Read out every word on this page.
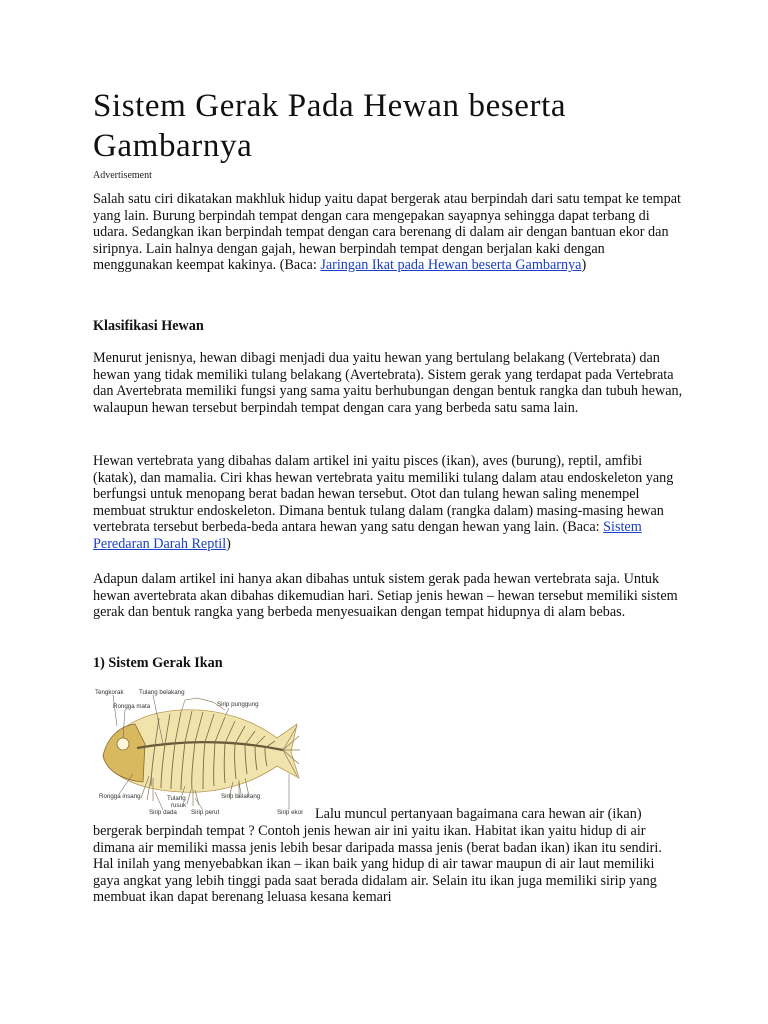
Sistem Gerak Pada Hewan beserta Gambarnya
Advertisement

Salah satu ciri dikatakan makhluk hidup yaitu dapat bergerak atau berpindah dari satu tempat ke tempat yang lain. Burung berpindah tempat dengan cara mengepakan sayapnya sehingga dapat terbang di udara. Sedangkan ikan berpindah tempat dengan cara berenang di dalam air dengan bantuan ekor dan siripnya. Lain halnya dengan gajah, hewan berpindah tempat dengan berjalan kaki dengan menggunakan keempat kakinya. (Baca: Jaringan Ikat pada Hewan beserta Gambarnya)

Klasifikasi Hewan

Menurut jenisnya, hewan dibagi menjadi dua yaitu hewan yang bertulang belakang (Vertebrata) dan hewan yang tidak memiliki tulang belakang (Avertebrata). Sistem gerak yang terdapat pada Vertebrata dan Avertebrata memiliki fungsi yang sama yaitu berhubungan dengan bentuk rangka dan tubuh hewan, walaupun hewan tersebut berpindah tempat dengan cara yang berbeda satu sama lain.

Hewan vertebrata yang dibahas dalam artikel ini yaitu pisces (ikan), aves (burung), reptil, amfibi (katak), dan mamalia. Ciri khas hewan vertebrata yaitu memiliki tulang dalam atau endoskeleton yang berfungsi untuk menopang berat badan hewan tersebut. Otot dan tulang hewan saling menempel membuat struktur endoskeleton. Dimana bentuk tulang dalam (rangka dalam) masing-masing hewan vertebrata tersebut berbeda-beda antara hewan yang satu dengan hewan yang lain. (Baca: Sistem Peredaran Darah Reptil)

Adapun dalam artikel ini hanya akan dibahas untuk sistem gerak pada hewan vertebrata saja. Untuk hewan avertebrata akan dibahas dikemudian hari. Setiap jenis hewan – hewan tersebut memiliki sistem gerak dan bentuk rangka yang berbeda menyesuaikan dengan tempat hidupnya di alam bebas.

1) Sistem Gerak Ikan
Tengkorak Tulang belakang
Rongga mata	Sirip punggung
Rongga insang	Tulang rusuk
Sirip belakang
Sirip dada Sirip perut	Sirip ekor Lalu muncul pertanyaan bagaimana cara hewan air (ikan)

bergerak berpindah tempat ? Contoh jenis hewan air ini yaitu ikan. Habitat ikan yaitu hidup di air dimana air memiliki massa jenis lebih besar daripada massa jenis (berat badan ikan) ikan itu sendiri. Hal inilah yang menyebabkan ikan – ikan baik yang hidup di air tawar maupun di air laut memiliki gaya angkat yang lebih tinggi pada saat berada didalam air. Selain itu ikan juga memiliki sirip yang membuat ikan dapat berenang leluasa kesana kemari
